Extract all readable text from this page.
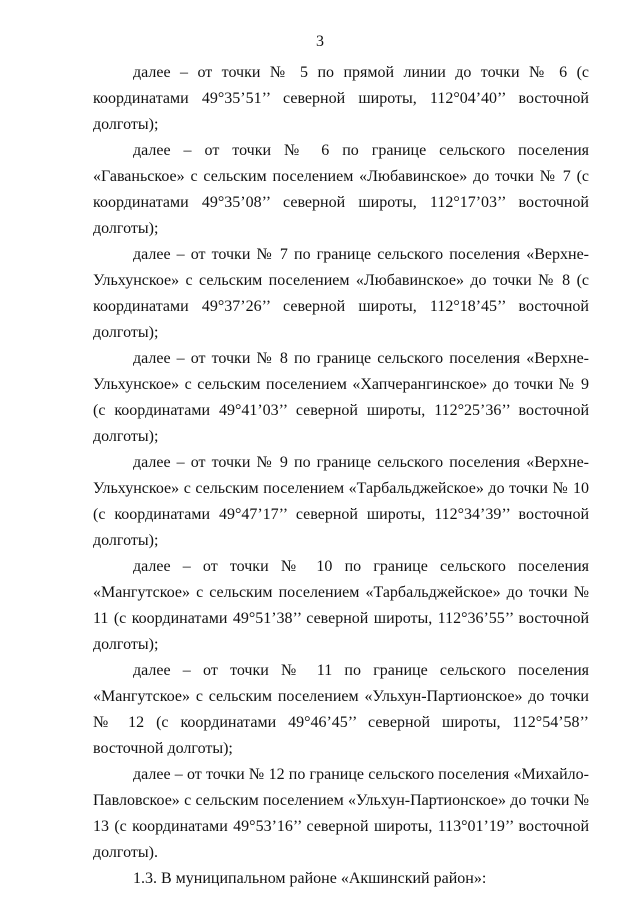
3

далее – от точки № 5 по прямой линии до точки № 6 (с координатами 49°35’51’’ северной широты, 112°04’40’’ восточной долготы);

далее – от точки № 6 по границе сельского поселения «Гаваньское» с сельским поселением «Любавинское» до точки № 7 (с координатами 49°35’08’’ северной широты, 112°17’03’’ восточной долготы);

далее – от точки № 7 по границе сельского поселения «Верхне-Ульхунское» с сельским поселением «Любавинское» до точки № 8 (с координатами 49°37’26’’ северной широты, 112°18’45’’ восточной долготы);

далее – от точки № 8 по границе сельского поселения «Верхне-Ульхунское» с сельским поселением «Хапчерангинское» до точки № 9 (с координатами 49°41’03’’ северной широты, 112°25’36’’ восточной долготы);

далее – от точки № 9 по границе сельского поселения «Верхне-Ульхунское» с сельским поселением «Тарбальджейское» до точки № 10 (с координатами 49°47’17’’ северной широты, 112°34’39’’ восточной долготы);

далее – от точки № 10 по границе сельского поселения «Мангутское» с сельским поселением «Тарбальджейское» до точки № 11 (с координатами 49°51’38’’ северной широты, 112°36’55’’ восточной долготы);

далее – от точки № 11 по границе сельского поселения «Мангутское» с сельским поселением «Ульхун-Партионское» до точки № 12 (с координатами 49°46’45’’ северной широты, 112°54’58’’ восточной долготы);

далее – от точки № 12 по границе сельского поселения «Михайло-Павловское» с сельским поселением «Ульхун-Партионское» до точки № 13 (с координатами 49°53’16’’ северной широты, 113°01’19’’ восточной долготы).

1.3. В муниципальном районе «Акшинский район»:
